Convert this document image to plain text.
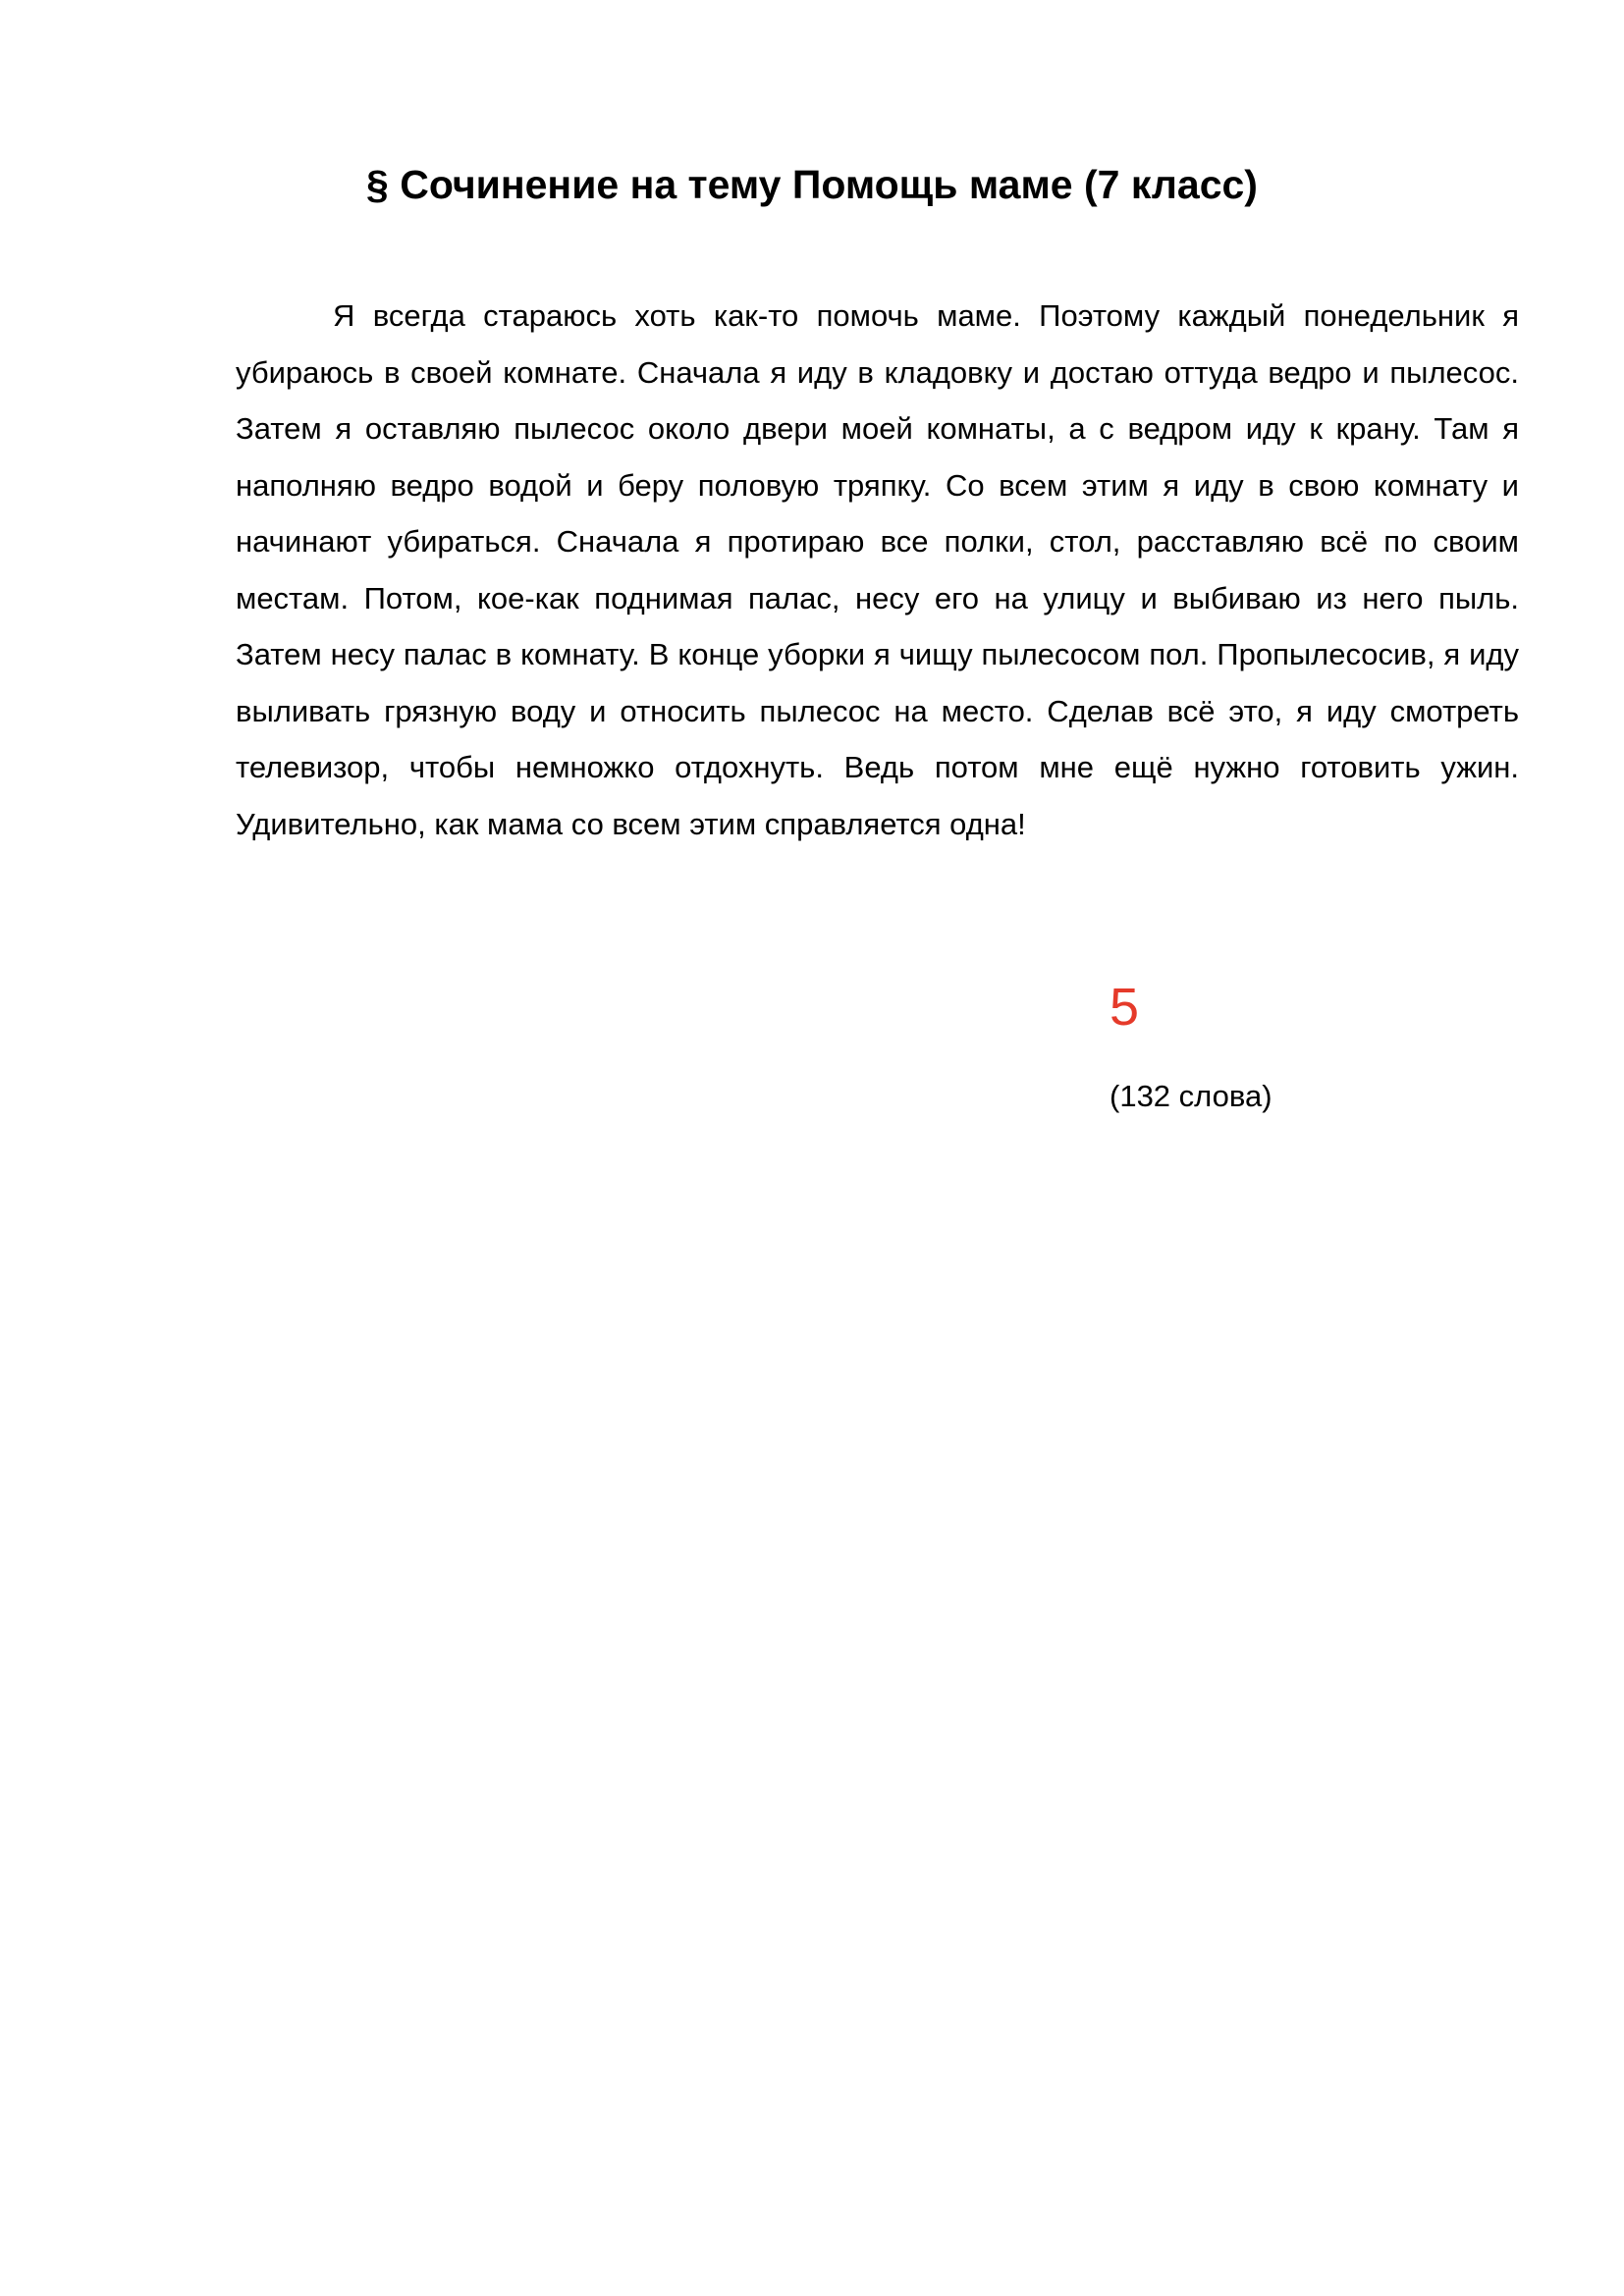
§ Сочинение на тему Помощь маме (7 класс)

Я всегда стараюсь хоть как-то помочь маме. Поэтому каждый понедельник я убираюсь в своей комнате. Сначала я иду в кладовку и достаю оттуда ведро и пылесос. Затем я оставляю пылесос около двери моей комнаты, а с ведром иду к крану. Там я наполняю ведро водой и беру половую тряпку. Со всем этим я иду в свою комнату и начинают убираться. Сначала я протираю все полки, стол, расставляю всё по своим местам. Потом, кое-как поднимая палас, несу его на улицу и выбиваю из него пыль. Затем несу палас в комнату. В конце уборки я чищу пылесосом пол. Пропылесосив, я иду выливать грязную воду и относить пылесос на место. Сделав всё это, я иду смотреть телевизор, чтобы немножко отдохнуть. Ведь потом мне ещё нужно готовить ужин. Удивительно, как мама со всем этим справляется одна!

5
(132 слова)
